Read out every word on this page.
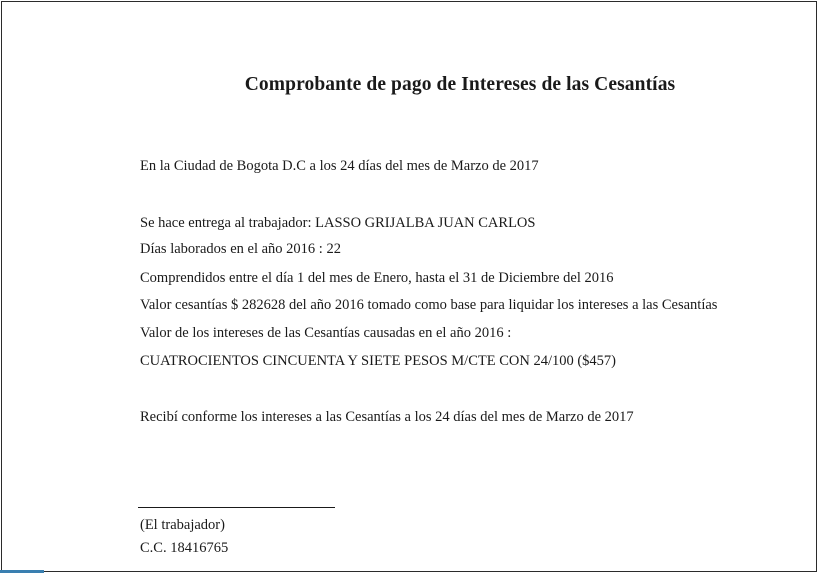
Comprobante de pago de Intereses de las Cesantías

En la Ciudad de Bogota D.C a los 24 días del mes de Marzo de 2017

Se hace entrega al trabajador: LASSO GRIJALBA JUAN CARLOS

Días laborados en el año 2016 : 22

Comprendidos entre el día 1 del mes de Enero, hasta el 31 de Diciembre del 2016

Valor cesantías $ 282628 del año 2016 tomado como base para liquidar los intereses a las Cesantías

Valor de los intereses de las Cesantías causadas en el año 2016 :

CUATROCIENTOS CINCUENTA Y SIETE PESOS M/CTE CON 24/100 ($457)

Recibí conforme los intereses a las Cesantías a los 24 días del mes de Marzo de 2017

(El trabajador)

C.C. 18416765
